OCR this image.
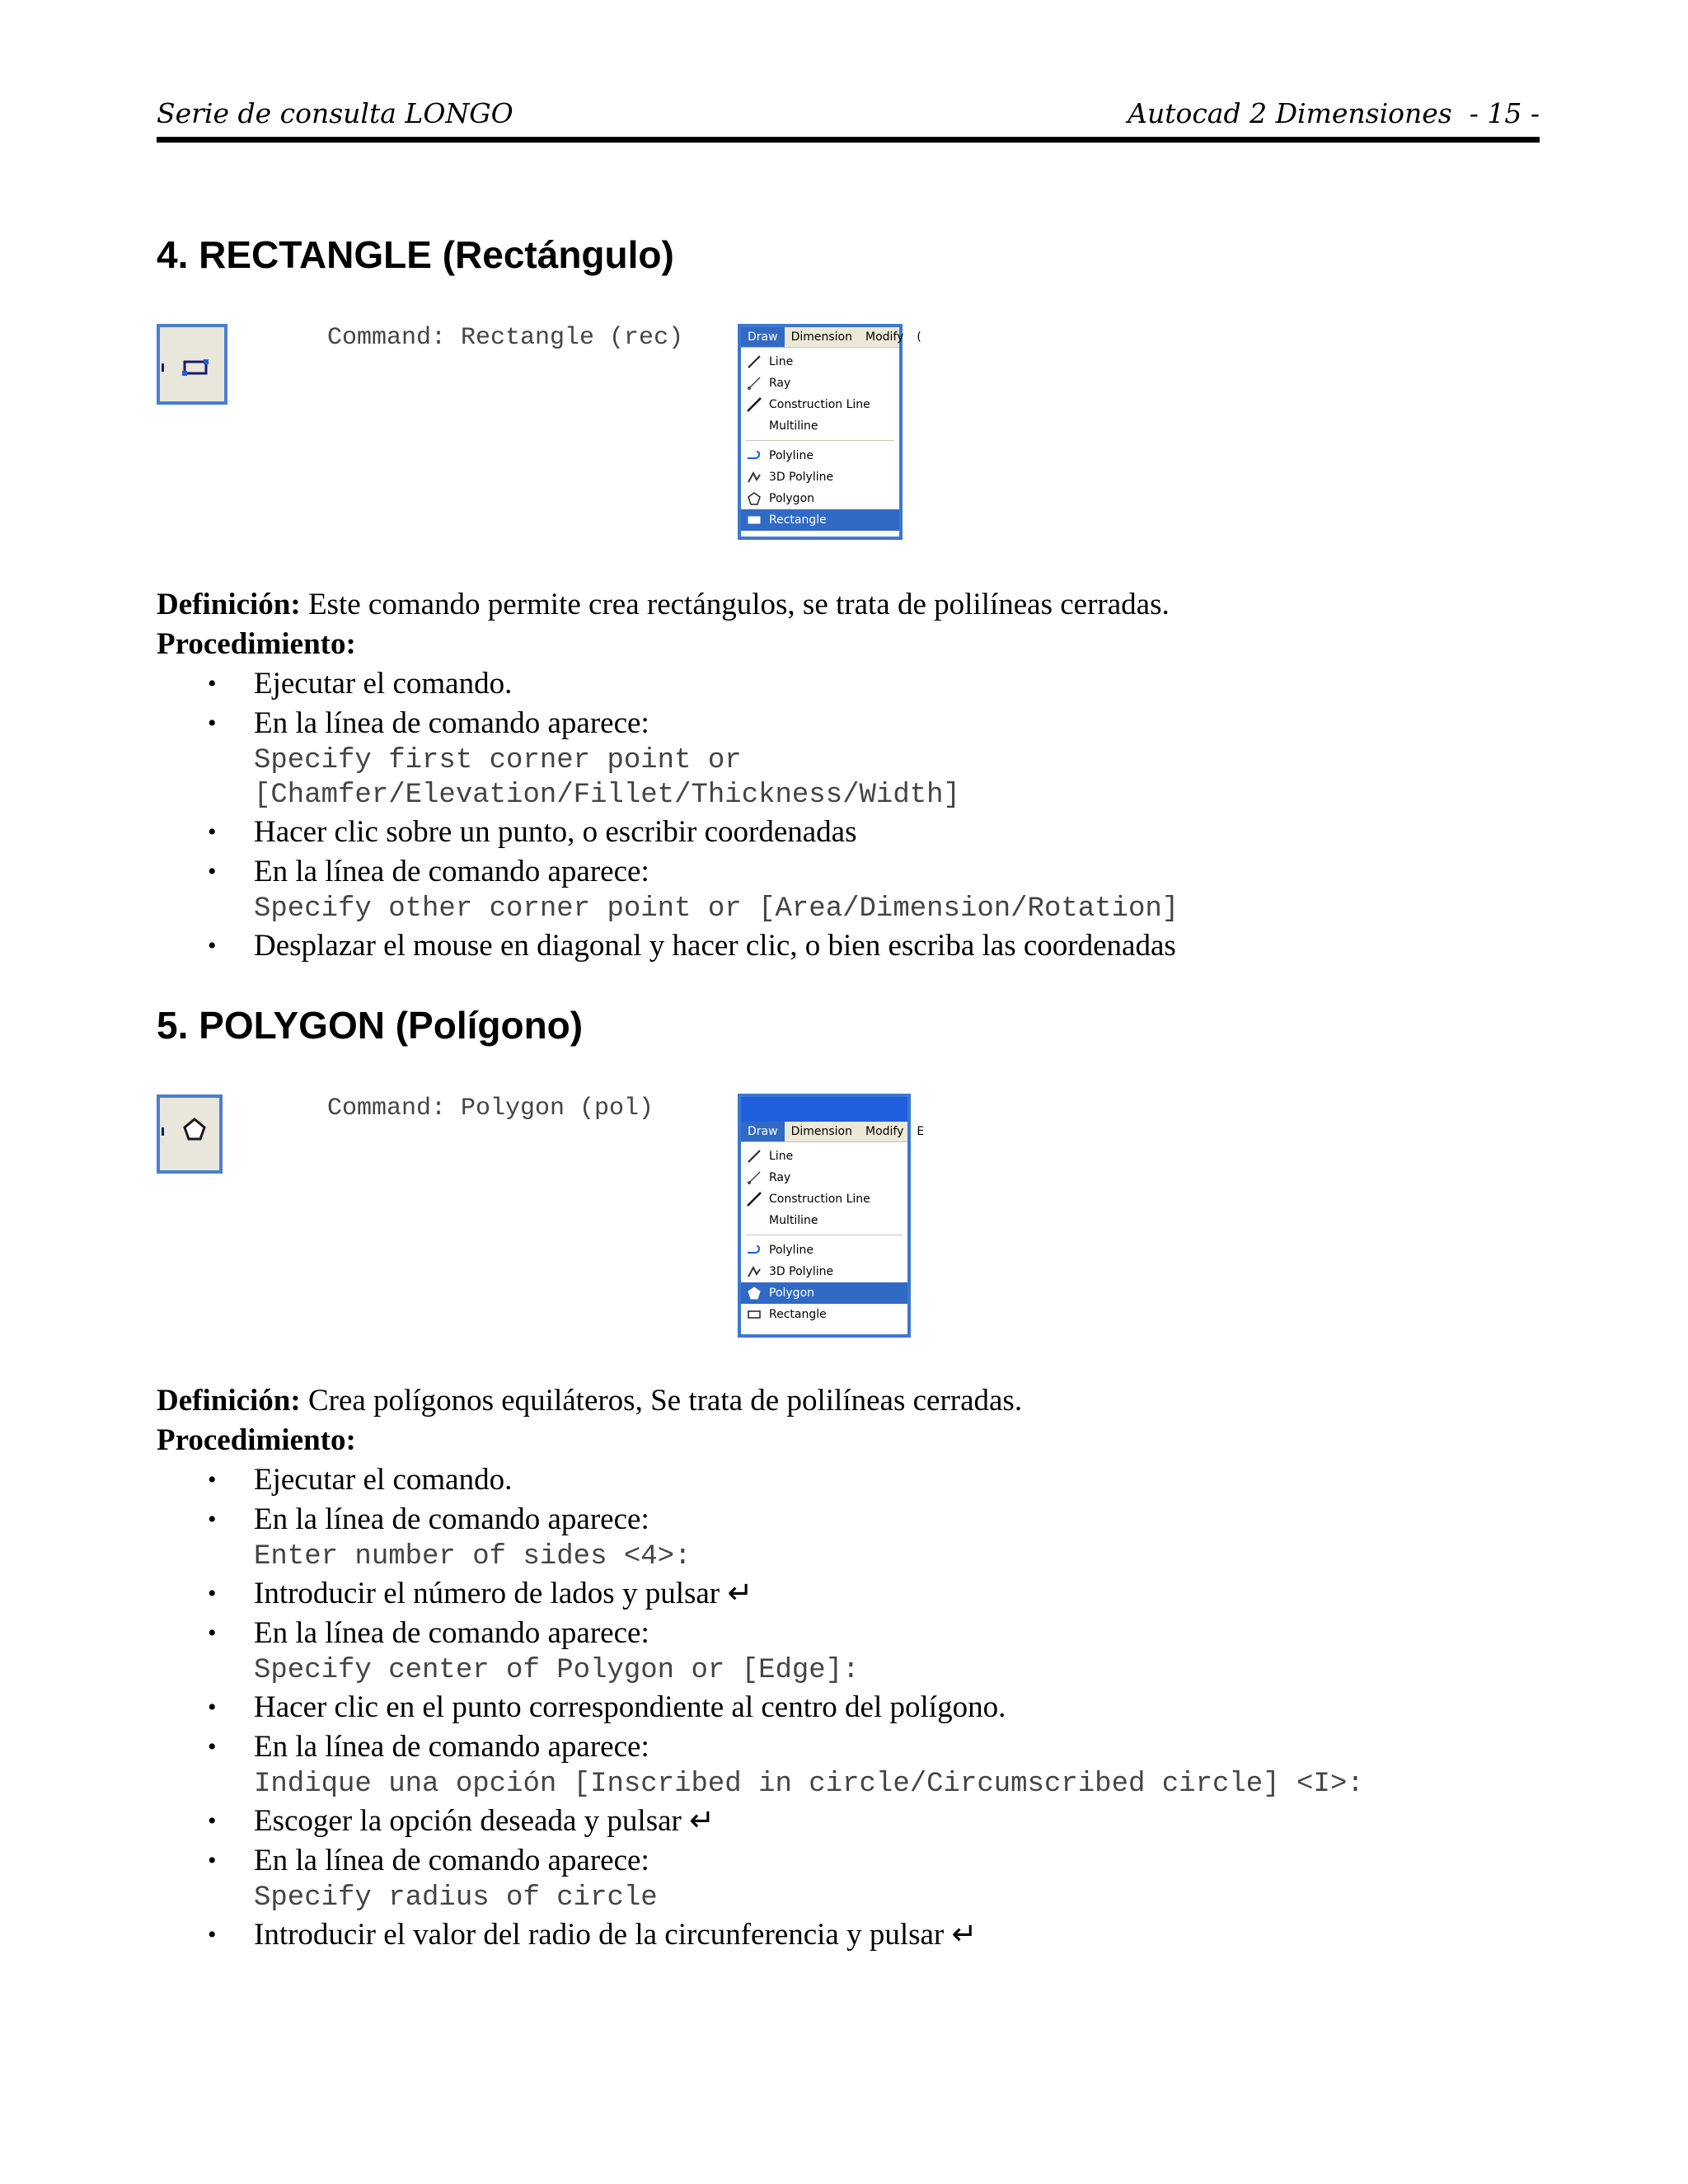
Serie de consulta LONGO	Autocad 2 Dimensiones  - 15 -
4. RECTANGLE (Rectángulo)
Command: Rectangle (rec)	Draw	Dimension	Modify	(
Line
Ray
Construction Line
Multiline
Polyline
3D Polyline
Polygon
Rectangle
Definición: Este comando permite crea rectángulos, se trata de polilíneas cerradas.
Procedimiento:
• Ejecutar el comando.
• En la línea de comando aparece:
Specify first corner point or
[Chamfer/Elevation/Fillet/Thickness/Width]
• Hacer clic sobre un punto, o escribir coordenadas
• En la línea de comando aparece:
Specify other corner point or [Area/Dimension/Rotation]
• Desplazar el mouse en diagonal y hacer clic, o bien escriba las coordenadas
5. POLYGON (Polígono)
Command: Polygon (pol)
Draw	Dimension	Modify	E
Line
Ray
Construction Line
Multiline
Polyline
3D Polyline
Polygon
Rectangle
Definición: Crea polígonos equiláteros, Se trata de polilíneas cerradas.
Procedimiento:
• Ejecutar el comando.
• En la línea de comando aparece:
Enter number of sides <4>:
• Introducir el número de lados y pulsar ↵
• En la línea de comando aparece:
Specify center of Polygon or [Edge]:
• Hacer clic en el punto correspondiente al centro del polígono.
• En la línea de comando aparece:
Indique una opción [Inscribed in circle/Circumscribed circle] <I>:
• Escoger la opción deseada y pulsar ↵
• En la línea de comando aparece:
Specify radius of circle
• Introducir el valor del radio de la circunferencia y pulsar ↵
